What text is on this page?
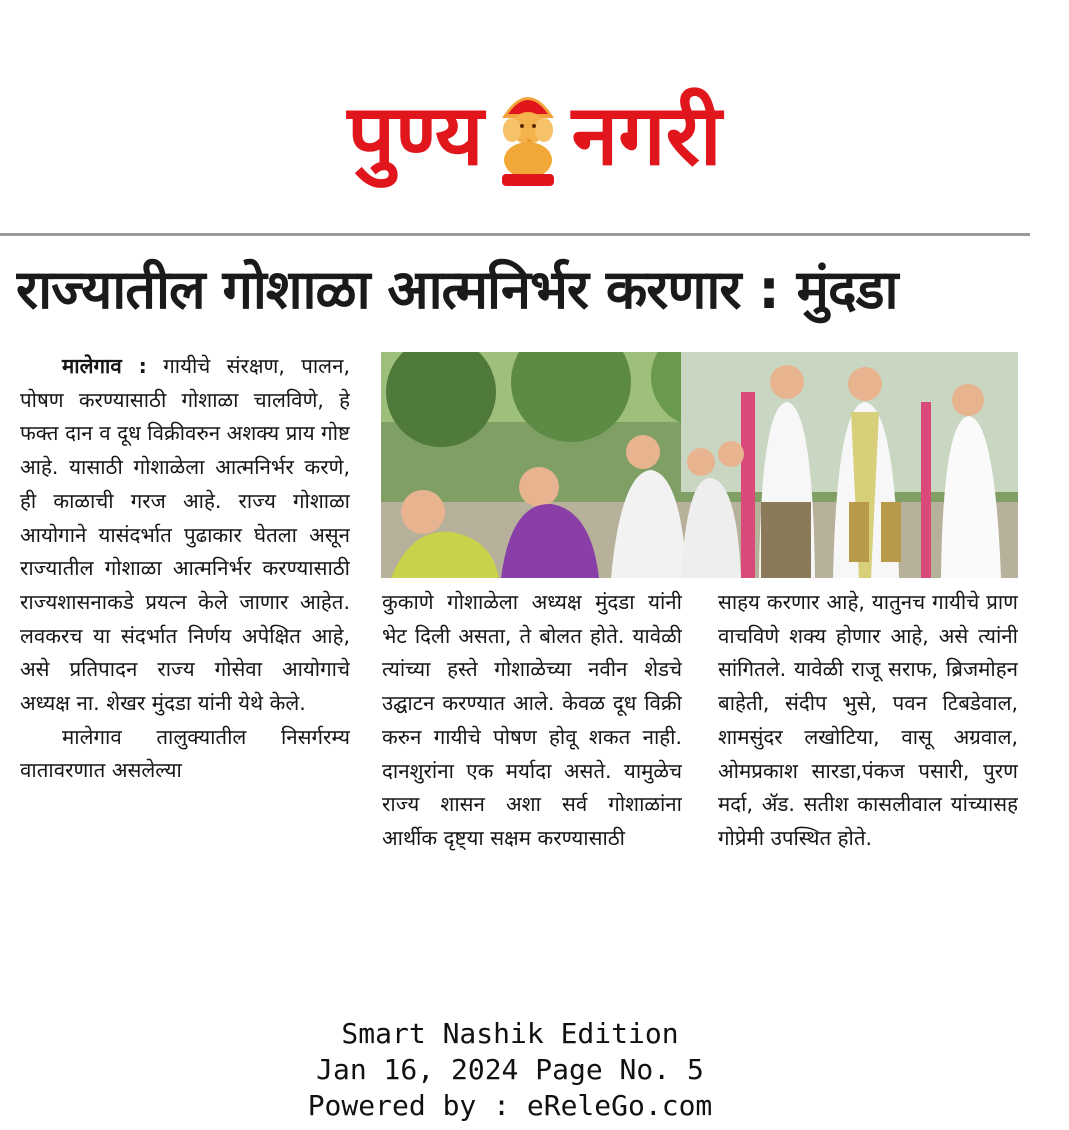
पुण्य नगरी
राज्यातील गोशाळा आत्मनिर्भर करणार : मुंदडा

मालेगाव : गायीचे संरक्षण, पालन, पोषण करण्यासाठी गोशाळा चालविणे, हे फक्त दान व दूध विक्रीवरुन अशक्य प्राय गोष्ट आहे. यासाठी गोशाळेला आत्मनिर्भर करणे, ही काळाची गरज आहे. राज्य गोशाळा आयोगाने यासंदर्भात पुढाकार घेतला असून राज्यातील गोशाळा आत्मनिर्भर करण्यासाठी राज्यशासनाकडे प्रयत्न केले जाणार आहेत. लवकरच या संदर्भात निर्णय अपेक्षित आहे, असे प्रतिपादन राज्य गोसेवा आयोगाचे अध्यक्ष ना. शेखर मुंदडा यांनी येथे केले.

मालेगाव तालुक्यातील निसर्गरम्य वातावरणात असलेल्या

कुकाणे गोशाळेला अध्यक्ष मुंदडा यांनी भेट दिली असता, ते बोलत होते. यावेळी त्यांच्या हस्ते गोशाळेच्या नवीन शेडचे उद्घाटन करण्यात आले. केवळ दूध विक्री करुन गायीचे पोषण होवू शकत नाही. दानशुरांना एक मर्यादा असते. यामुळेच राज्य शासन अशा सर्व गोशाळांना आर्थीक दृष्ट्या सक्षम करण्यासाठी
साहय करणार आहे, यातुनच गायीचे प्राण वाचविणे शक्य होणार आहे, असे त्यांनी सांगितले. यावेळी राजू सराफ, ब्रिजमोहन बाहेती, संदीप भुसे, पवन टिबडेवाल, शामसुंदर लखोटिया, वासू अग्रवाल, ओमप्रकाश सारडा,पंकज पसारी, पुरण मर्दा, ॲड. सतीश कासलीवाल यांच्यासह गोप्रेमी उपस्थित होते.
Smart Nashik Edition
Jan 16, 2024 Page No. 5
Powered by : eReleGo.com
